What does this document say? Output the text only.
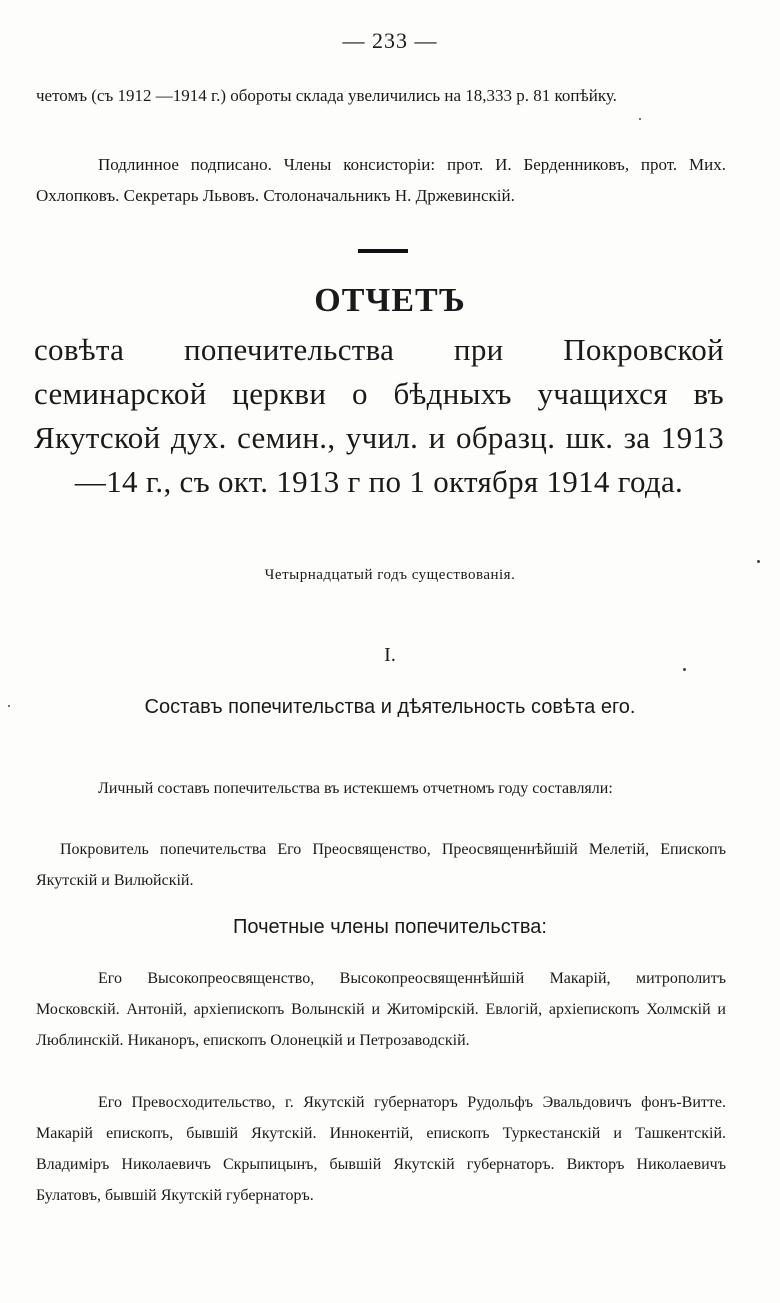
— 233 —
четомъ (съ 1912 —1914 г.) обороты склада увеличились на 18,333 р. 81 копѣйку.
Подлинное подписано. Члены консисторіи: прот. И. Берденниковъ, прот. Мих. Охлопковъ. Секретарь Львовъ. Столоначальникъ Н. Држевинскій.
ОТЧЕТЪ
совѣта попечительства при Покровской семинарской церкви о бѣдныхъ учащихся въ Якутской дух. семин., учил. и образц. шк. за 1913—14 г., съ окт. 1913 г по 1 октября 1914 года.
Четырнадцатый годъ существованія.
I.
Составъ попечительства и дѣятельность совѣта его.
Личный составъ попечительства въ истекшемъ отчетномъ году составляли:
Покровитель попечительства Его Преосвященство, Преосвященнѣйшій Мелетій, Епископъ Якутскій и Вилюйскій.
Почетные члены попечительства:
Его Высокопреосвященство, Высокопреосвященнѣйшій Макарій, митрополитъ Московскій. Антоній, архіепископъ Волынскій и Житомірскій. Евлогій, архіепископъ Холмскій и Люблинскій. Никаноръ, епископъ Олонецкій и Петрозаводскій.
Его Превосходительство, г. Якутскій губернаторъ Рудольфъ Эвальдовичъ фонъ-Витте. Макарій епископъ, бывшій Якутскій. Иннокентій, епископъ Туркестанскій и Ташкентскій. Владиміръ Николаевичъ Скрыпицынъ, бывшій Якутскій губернаторъ. Викторъ Николаевичъ Булатовъ, бывшій Якутскій губернаторъ.
